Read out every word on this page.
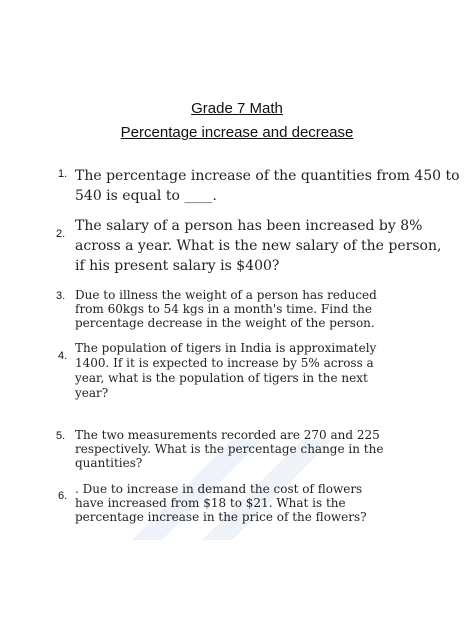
Grade 7 Math
Percentage increase and decrease
1. The percentage increase of the quantities from 450 to
540 is equal to ____.
2. The salary of a person has been increased by 8%
across a year. What is the new salary of the person,
if his present salary is $400?
3. Due to illness the weight of a person has reduced
from 60kgs to 54 kgs in a month's time. Find the
percentage decrease in the weight of the person.
4.
The population of tigers in India is approximately
1400. If it is expected to increase by 5% across a
year, what is the population of tigers in the next
year?
5. The two measurements recorded are 270 and 225
respectively. What is the percentage change in the
quantities?
6. . Due to increase in demand the cost of flowers
have increased from $18 to $21. What is the
percentage increase in the price of the flowers?
